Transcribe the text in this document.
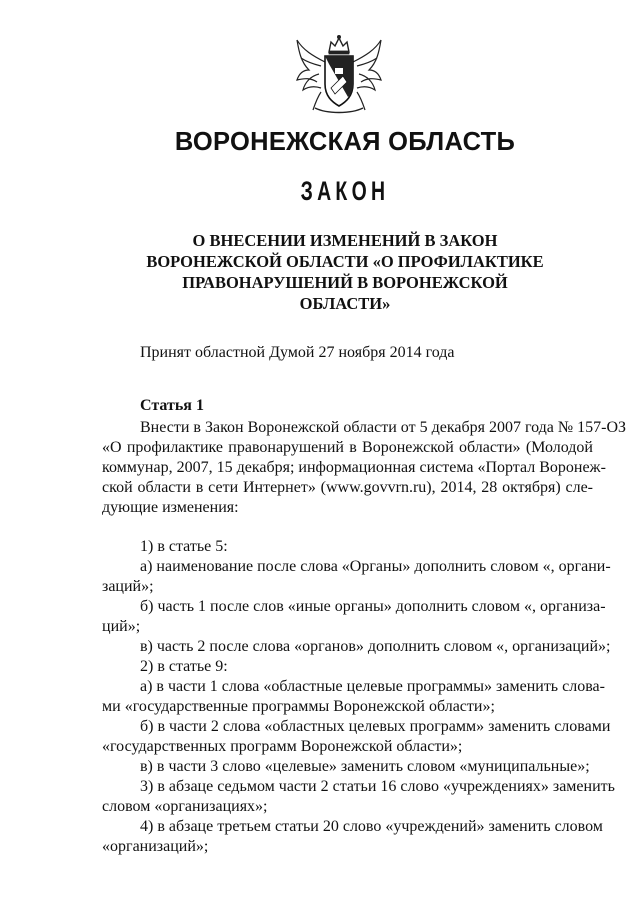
ВОРОНЕЖСКАЯ ОБЛАСТЬ
ЗАКОН
О ВНЕСЕНИИ ИЗМЕНЕНИЙ В ЗАКОН
ВОРОНЕЖСКОЙ ОБЛАСТИ «О ПРОФИЛАКТИКЕ
ПРАВОНАРУШЕНИЙ В ВОРОНЕЖСКОЙ
ОБЛАСТИ»
Принят областной Думой 27 ноября 2014 года
Статья 1
Внести в Закон Воронежской области от 5 декабря 2007 года № 157-ОЗ
«О профилактике правонарушений в Воронежской области» (Молодой
коммунар, 2007, 15 декабря; информационная система «Портал Воронеж-
ской области в сети Интернет» (www.govvrn.ru), 2014, 28 октября) сле-
дующие изменения:
1) в статье 5:
а) наименование после слова «Органы» дополнить словом «, органи-
заций»;
б) часть 1 после слов «иные органы» дополнить словом «, организа-
ций»;
в) часть 2 после слова «органов» дополнить словом «, организаций»;
2) в статье 9:
а) в части 1 слова «областные целевые программы» заменить слова-
ми «государственные программы Воронежской области»;
б) в части 2 слова «областных целевых программ» заменить словами
«государственных программ Воронежской области»;
в) в части 3 слово «целевые» заменить словом «муниципальные»;
3) в абзаце седьмом части 2 статьи 16 слово «учреждениях» заменить
словом «организациях»;
4) в абзаце третьем статьи 20 слово «учреждений» заменить словом
«организаций»;
